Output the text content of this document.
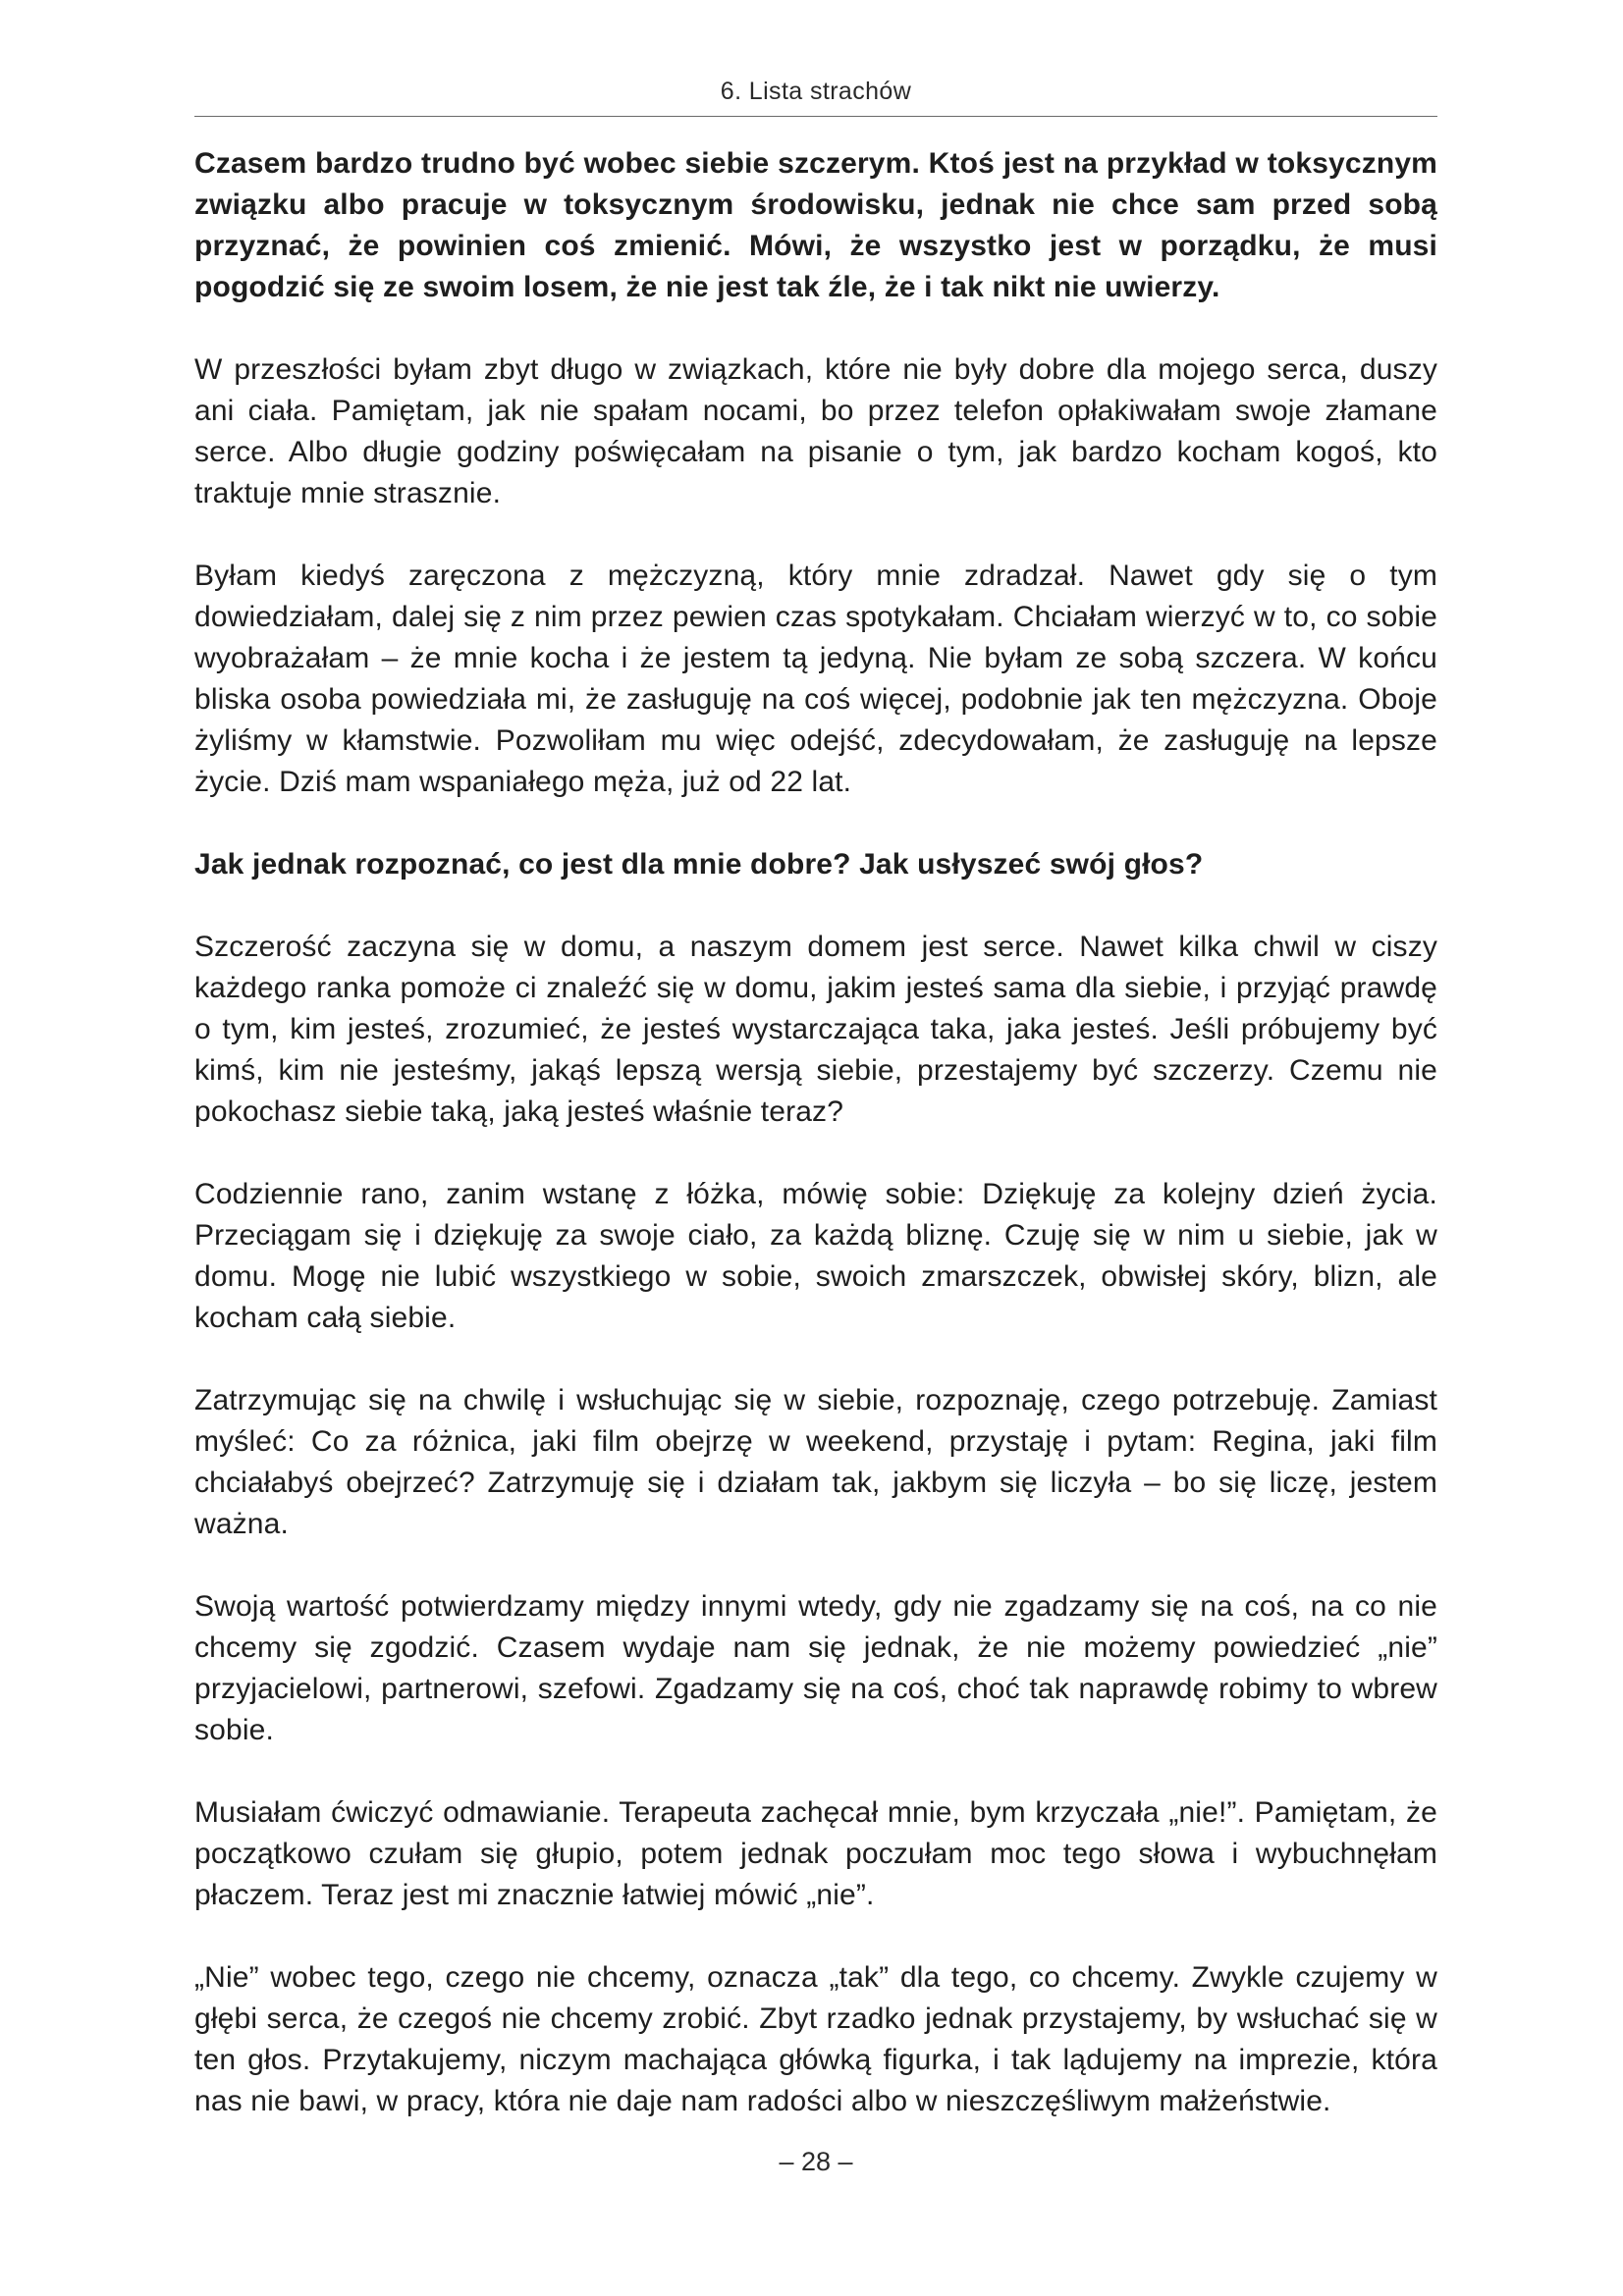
6. Lista strachów

Czasem bardzo trudno być wobec siebie szczerym. Ktoś jest na przykład w toksycznym związku albo pracuje w toksycznym środowisku, jednak nie chce sam przed sobą przyznać, że powinien coś zmienić. Mówi, że wszystko jest w porządku, że musi pogodzić się ze swoim losem, że nie jest tak źle, że i tak nikt nie uwierzy.

W przeszłości byłam zbyt długo w związkach, które nie były dobre dla mojego serca, duszy ani ciała. Pamiętam, jak nie spałam nocami, bo przez telefon opłakiwałam swoje złamane serce. Albo długie godziny poświęcałam na pisanie o tym, jak bardzo kocham kogoś, kto traktuje mnie strasznie.

Byłam kiedyś zaręczona z mężczyzną, który mnie zdradzał. Nawet gdy się o tym dowiedziałam, dalej się z nim przez pewien czas spotykałam. Chciałam wierzyć w to, co sobie wyobrażałam – że mnie kocha i że jestem tą jedyną. Nie byłam ze sobą szczera. W końcu bliska osoba powiedziała mi, że zasługuję na coś więcej, podobnie jak ten mężczyzna. Oboje żyliśmy w kłamstwie. Pozwoliłam mu więc odejść, zdecydowałam, że zasługuję na lepsze życie. Dziś mam wspaniałego męża, już od 22 lat.

Jak jednak rozpoznać, co jest dla mnie dobre? Jak usłyszeć swój głos?

Szczerość zaczyna się w domu, a naszym domem jest serce. Nawet kilka chwil w ciszy każdego ranka pomoże ci znaleźć się w domu, jakim jesteś sama dla siebie, i przyjąć prawdę o tym, kim jesteś, zrozumieć, że jesteś wystarczająca taka, jaka jesteś. Jeśli próbujemy być kimś, kim nie jesteśmy, jakąś lepszą wersją siebie, przestajemy być szczerzy. Czemu nie pokochasz siebie taką, jaką jesteś właśnie teraz?

Codziennie rano, zanim wstanę z łóżka, mówię sobie: Dziękuję za kolejny dzień życia. Przeciągam się i dziękuję za swoje ciało, za każdą bliznę. Czuję się w nim u siebie, jak w domu. Mogę nie lubić wszystkiego w sobie, swoich zmarszczek, obwisłej skóry, blizn, ale kocham całą siebie.

Zatrzymując się na chwilę i wsłuchując się w siebie, rozpoznaję, czego potrzebuję. Zamiast myśleć: Co za różnica, jaki film obejrzę w weekend, przystaję i pytam: Regina, jaki film chciałabyś obejrzeć? Zatrzymuję się i działam tak, jakbym się liczyła – bo się liczę, jestem ważna.

Swoją wartość potwierdzamy między innymi wtedy, gdy nie zgadzamy się na coś, na co nie chcemy się zgodzić. Czasem wydaje nam się jednak, że nie możemy powiedzieć „nie” przyjacielowi, partnerowi, szefowi. Zgadzamy się na coś, choć tak naprawdę robimy to wbrew sobie.

Musiałam ćwiczyć odmawianie. Terapeuta zachęcał mnie, bym krzyczała „nie!”. Pamiętam, że początkowo czułam się głupio, potem jednak poczułam moc tego słowa i wybuchnęłam płaczem. Teraz jest mi znacznie łatwiej mówić „nie”.

„Nie” wobec tego, czego nie chcemy, oznacza „tak” dla tego, co chcemy. Zwykle czujemy w głębi serca, że czegoś nie chcemy zrobić. Zbyt rzadko jednak przystajemy, by wsłuchać się w ten głos. Przytakujemy, niczym machająca główką figurka, i tak lądujemy na imprezie, która nas nie bawi, w pracy, która nie daje nam radości albo w nieszczęśliwym małżeństwie.

– 28 –
